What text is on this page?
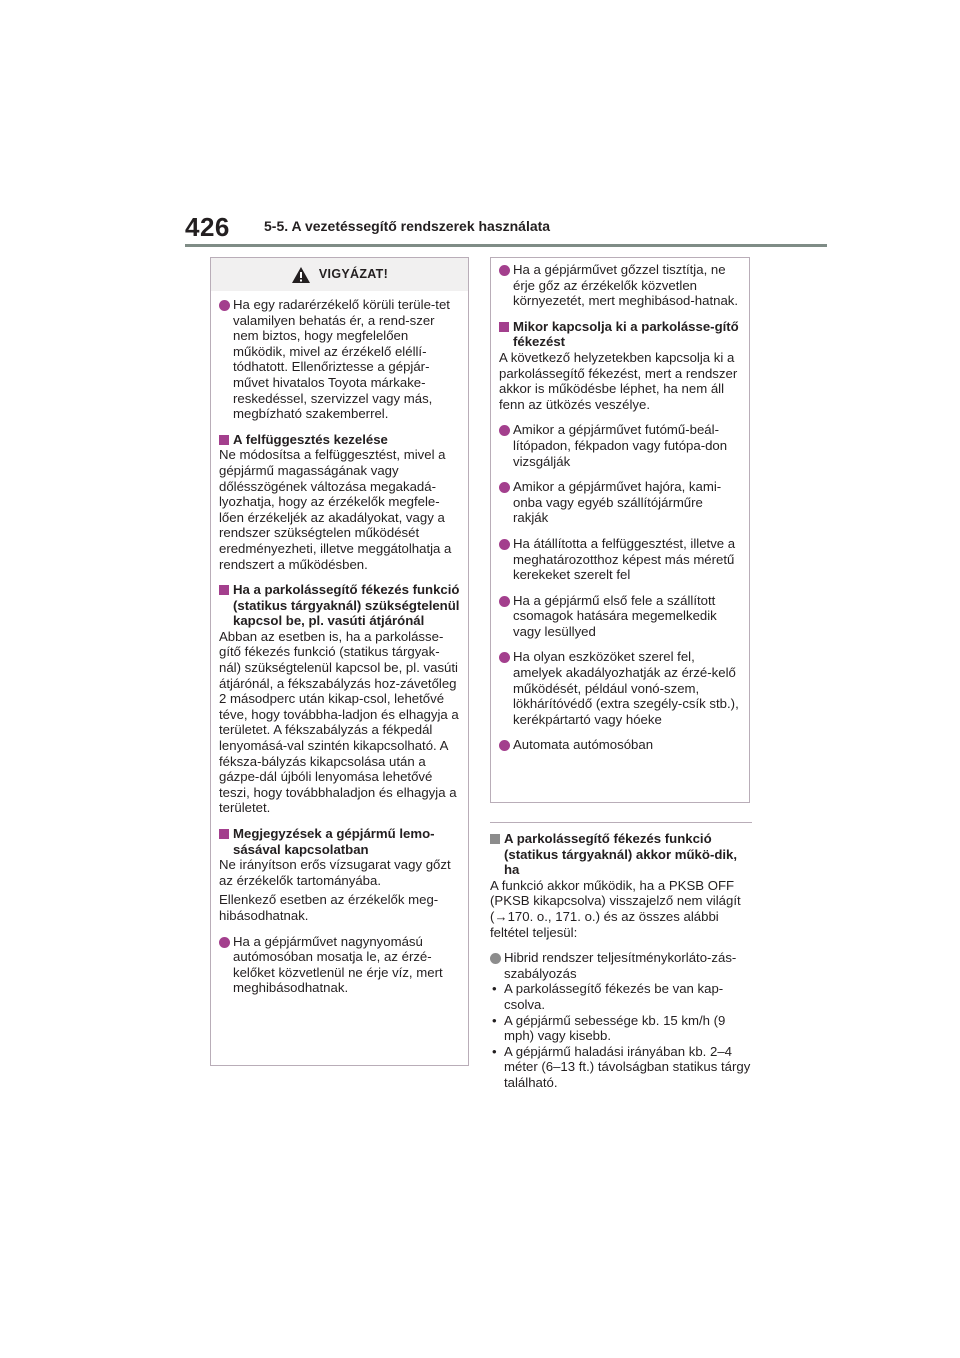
426 5-5. A vezetéssegítő rendszerek használata
VIGYÁZAT!

Ha egy radarérzékelő körüli terüle-tet valamilyen behatás ér, a rend-szer nem biztos, hogy megfelelően működik, mivel az érzékelő eléllí-tódhatott. Ellenőriztesse a gépjár-művet hivatalos Toyota márkake-reskedéssel, szervizzel vagy más, megbízható szakemberrel.

A felfüggesztés kezelése

Ne módosítsa a felfüggesztést, mivel a gépjármű magasságának vagy dőlésszögének változása megakadá-lyozhatja, hogy az érzékelők megfele-lően érzékeljék az akadályokat, vagy a rendszer szükségtelen működését eredményezheti, illetve meggátolhatja a rendszert a működésben.

Ha a parkolássegítő fékezés funkció (statikus tárgyaknál) szükségtelenül kapcsol be, pl. vasúti átjárónál

Abban az esetben is, ha a parkolásse-gítő fékezés funkció (statikus tárgyak-nál) szükségtelenül kapcsol be, pl. vasúti átjárónál, a fékszabályzás hoz-závetőleg 2 másodperc után kikap-csol, lehetővé téve, hogy továbbha-ladjon és elhagyja a területet. A fékszabályzás a fékpedál lenyomásá-val szintén kikapcsolható. A féksza-bályzás kikapcsolása után a gázpe-dál újbóli lenyomása lehetővé teszi, hogy továbbhaladjon és elhagyja a területet.

Megjegyzések a gépjármű lemo-sásával kapcsolatban

Ne irányítson erős vízsugarat vagy gőzt az érzékelők tartományába.

Ellenkező esetben az érzékelők meg-hibásodhatnak.

Ha a gépjárművet nagynyomású autómosóban mosatja le, az érzé-kelőket közvetlenül ne érje víz, mert meghibásodhatnak.

Ha a gépjárművet gőzzel tisztítja, ne érje gőz az érzékelők közvetlen környezetét, mert meghibásod-hatnak.

Mikor kapcsolja ki a parkolásse-gítő fékezést

A következő helyzetekben kapcsolja ki a parkolássegítő fékezést, mert a rendszer akkor is működésbe léphet, ha nem áll fenn az ütközés veszélye.

Amikor a gépjárművet futómű-beál-lítópadon, fékpadon vagy futópa-don vizsgálják

Amikor a gépjárművet hajóra, kami-onba vagy egyéb szállítójárműre rakják

Ha átállította a felfüggesztést, illetve a meghatározotthoz képest más méretű kerekeket szerelt fel

Ha a gépjármű első fele a szállított csomagok hatására megemelkedik vagy lesüllyed

Ha olyan eszközöket szerel fel, amelyek akadályozhatják az érzé-kelő működését, például vonó-szem, lökhárítóvédő (extra szegély-csík stb.), kerékpártartó vagy hóeke

Automata autómosóban

A parkolássegítő fékezés funkció (statikus tárgyaknál) akkor műkö-dik, ha

A funkció akkor működik, ha a PKSB OFF (PKSB kikapcsolva) visszajelző nem világít (→170. o., 171. o.) és az összes alábbi feltétel teljesül:

Hibrid rendszer teljesítménykorláto-zás-szabályozás

• A parkolássegítő fékezés be van kap-csolva.

• A gépjármű sebessége kb. 15 km/h (9 mph) vagy kisebb.

• A gépjármű haladási irányában kb. 2–4 méter (6–13 ft.) távolságban statikus tárgy található.
